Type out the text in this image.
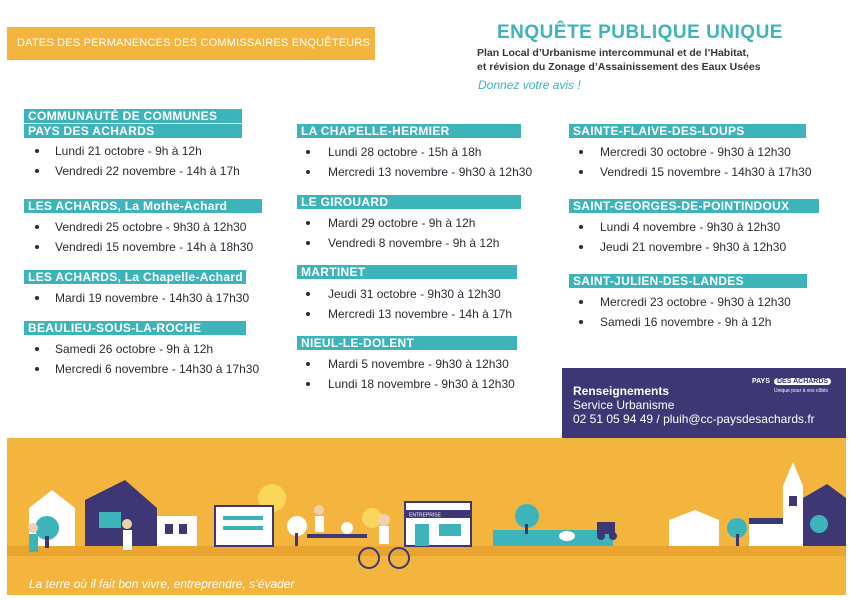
DATES DES PERMANENCES DES COMMISSAIRES ENQUÊTEURS	ENQUÊTE PUBLIQUE UNIQUE
Plan Local d’Urbanisme intercommunal et de l’Habitat,
et révision du Zonage d’Assainissement des Eaux Usées
Donnez votre avis !
COMMUNAUTÉ DE COMMUNES
PAYS DES ACHARDS
Lundi 21 octobre - 9h à 12h
Vendredi 22 novembre - 14h à 17h
LES ACHARDS, La Mothe-Achard
Vendredi 25 octobre - 9h30 à 12h30
Vendredi 15 novembre - 14h à 18h30
LES ACHARDS, La Chapelle-Achard
Mardi 19 novembre - 14h30 à 17h30
BEAULIEU-SOUS-LA-ROCHE
Samedi 26 octobre - 9h à 12h
Mercredi 6 novembre - 14h30 à 17h30
LA CHAPELLE-HERMIER
Lundi 28 octobre - 15h à 18h
Mercredi 13 novembre - 9h30 à 12h30
LE GIROUARD
Mardi 29 octobre - 9h à 12h
Vendredi 8 novembre - 9h à 12h
MARTINET
Jeudi 31 octobre - 9h30 à 12h30
Mercredi 13 novembre - 14h à 17h
NIEUL-LE-DOLENT
Mardi 5 novembre - 9h30 à 12h30
Lundi 18 novembre - 9h30 à 12h30
SAINTE-FLAIVE-DES-LOUPS
Mercredi 30 octobre - 9h30 à 12h30
Vendredi 15 novembre - 14h30 à 17h30
SAINT-GEORGES-DE-POINTINDOUX
Lundi 4 novembre - 9h30 à 12h30
Jeudi 21 novembre - 9h30 à 12h30
SAINT-JULIEN-DES-LANDES
Mercredi 23 octobre - 9h30 à 12h30
Samedi 16 novembre - 9h à 12h
PAYS	DES ACHARDS
Unique pour à vos côtés
Renseignements
Service Urbanisme
02 51 05 94 49 / pluih@cc-paysdesachards.fr
ENTREPRISE
La terre où il fait bon vivre, entreprendre, s’évader
